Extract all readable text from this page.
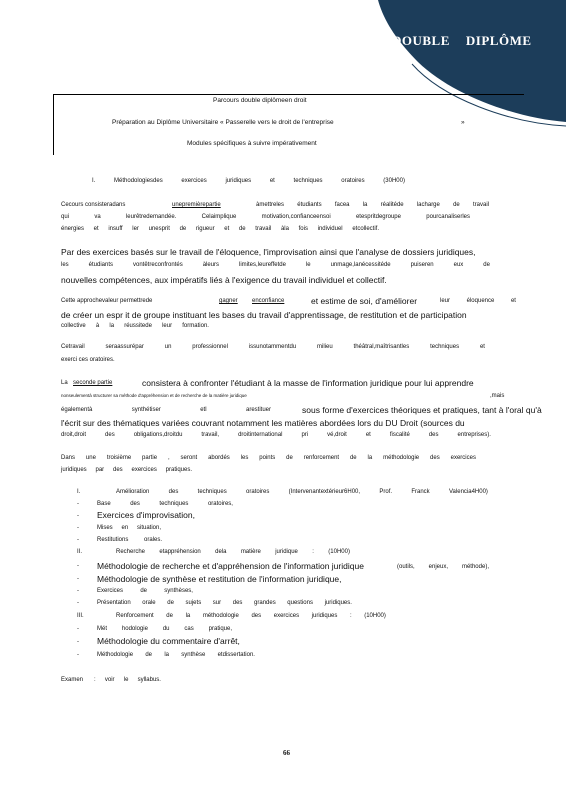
DOUBLE DIPLÔME
Parcours double diplômeen droit
Préparation au Diplôme Universitaire « Passerelle vers le droit de l'entreprise	»
Modules spécifiques à suivre impérativement
I.	Méthodologiesdes	exercices	juridiques	et	techniques	oratoires	(30H00)
Cecours consisteradans	unepremièrepartie	àmettreles étudiants facea la réalitéde lacharge de travail
qui	va	leurêtredemandée.	Celaimplique	motivation,confianceensoi	etespritdegroupe	pourcanaliserles
énergies et insuff ler unesprit de rigueur et de travail àla fois individuel etcollectif.
Par des exercices basés sur le travail de l'éloquence, l'improvisation ainsi que l'analyse de dossiers juridiques,
les	étudiants	vontêtreconfrontés	àleurs	limites,leureffetde	le	unmage,lanécessitéde	puiseren	eux	de
nouvelles compétences, aux impératifs liés à l'exigence du travail individuel et collectif.
Cette approchevaleur permettrede	gagner enconfiance	et estime de soi, d'améliorer	leur	éloquence	et
de créer un espr it de groupe instituant les bases du travail d'apprentissage, de restitution et de participation
collective à la réussitede leur formation.
Cetravail	seraassurépar	un	professionnel	issunotammentdu	milieu	théâtral,maîtrisantles	techniques	et
exerci ces oratoires.
La seconde partie	consistera à confronter l'étudiant à la masse de l'information juridique pour lui apprendre
nonseulementà structurer sa méthode d'appréhension et de recherche de la matière juridique	,mais
égalementà	synthétiser	etl	arestituer	sous forme d'exercices théoriques et pratiques, tant à l'oral qu'à
l'écrit sur des thématiques variées couvrant notamment les matières abordées lors du DU Droit (sources du
droit,droit	des	obligations,droitdu	travail,	droitinternational	pri	vé,droit	et	fiscalité	des	entreprises).
Dans une troisième partie , seront abordés les points de renforcement de la méthodologie des exercices
juridiques par des exercices pratiques.
I.	Amélioration	des	techniques	oratoires	(Intervenantextérieur6H00,	Prof.	Franck	Valencia4H00)
-	Base	des	techniques	oratoires,
- Exercices d'improvisation,
-	Mises en situation,
-	Restitutions	orales.
II.	Recherche etappréhension dela matière juridique : (10H00)
- Méthodologie de recherche et d'appréhension de l'information juridique	(outils, enjeux, méthode),
- Méthodologie de synthèse et restitution de l'information juridique,
-	Exercices	de	synthèses,
-	Présentation orale de sujets sur des grandes questions juridiques.
III.	Renforcement de la méthodologie des exercices juridiques : (10H00)
-	Mét hodologie du cas pratique,
- Méthodologie du commentaire d'arrêt,
-	Méthodologie de la synthèse etdissertation.
Examen : voir le syllabus.
66
